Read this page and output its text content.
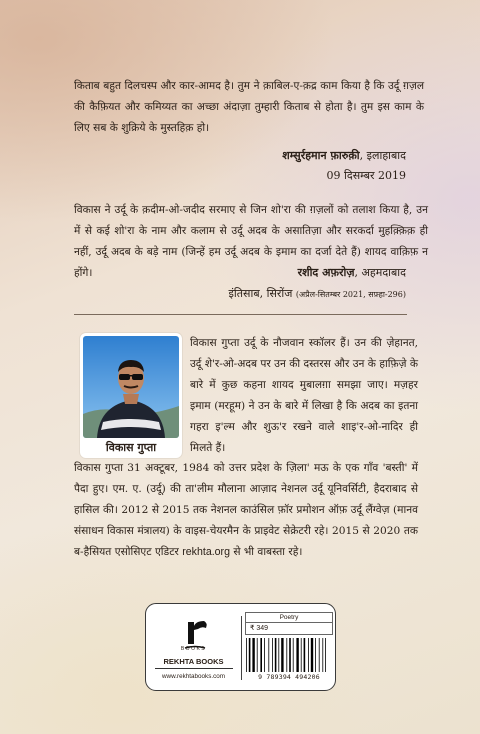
किताब बहुत दिलचस्प और कार-आमद है। तुम ने क़ाबिल-ए-क़द्र काम किया है कि उर्दू ग़ज़ल की कैफ़ियत और कमिय्यत का अच्छा अंदाज़ा तुम्हारी किताब से होता है। तुम इस काम के लिए सब के शुक्रिये के मुस्तहिक़ हो।

शम्सुर्रहमान फ़ारुक़ी, इलाहाबाद
09 दिसम्बर 2019

विकास ने उर्दू के क़दीम-ओ-जदीद सरमाए से जिन शो'रा की ग़ज़लों को तलाश किया है, उन में से कई शो'रा के नाम और कलाम से उर्दू अदब के असातिज़ा और सरकर्दा मुहक़्क़िक़ ही नहीं, उर्दू अदब के बड़े नाम (जिन्हें हम उर्दू अदब के इमाम का दर्जा देते हैं) शायद वाक़िफ़ न होंगे।	रशीद अफ़रोज़, अहमदाबाद
इंतिसाब, सिरोंज (अप्रैल-सितम्बर 2021, सफ़्हा-296)
विकास गुप्ता

विकास गुप्ता उर्दू के नौजवान स्कॉलर हैं। उन की ज़ेहानत, उर्दू शे'र-ओ-अदब पर उन की दस्तरस और उन के हाफ़िज़े के बारे में कुछ कहना शायद मुबालग़ा समझा जाए। मज़हर इमाम (मरहूम) ने उन के बारे में लिखा है कि अदब का इतना गहरा इ'ल्म और शुऊ'र रखने वाले शाइ'र-ओ-नादिर ही मिलते हैं।

विकास गुप्ता 31 अक्टूबर, 1984 को उत्तर प्रदेश के ज़िला' मऊ के एक गाँव 'बस्ती' में पैदा हुए। एम. ए. (उर्दू) की ता'लीम मौलाना आज़ाद नेशनल उर्दू यूनिवर्सिटी, हैदराबाद से हासिल की। 2012 से 2015 तक नेशनल काउंसिल फ़ॉर प्रमोशन ऑफ़ उर्दू लैंग्वेज़ (मानव संसाधन विकास मंत्रालय) के वाइस-चेयरमैन के प्राइवेट सेक्रेटरी रहे। 2015 से 2020 तक ब-हैसियत एसोसिएट एडिटर rekhta.org से भी वाबस्ता रहे।

BOOKS
REKHTA BOOKS
www.rekhtabooks.com
Poetry
₹ 349
9 789394 494206
